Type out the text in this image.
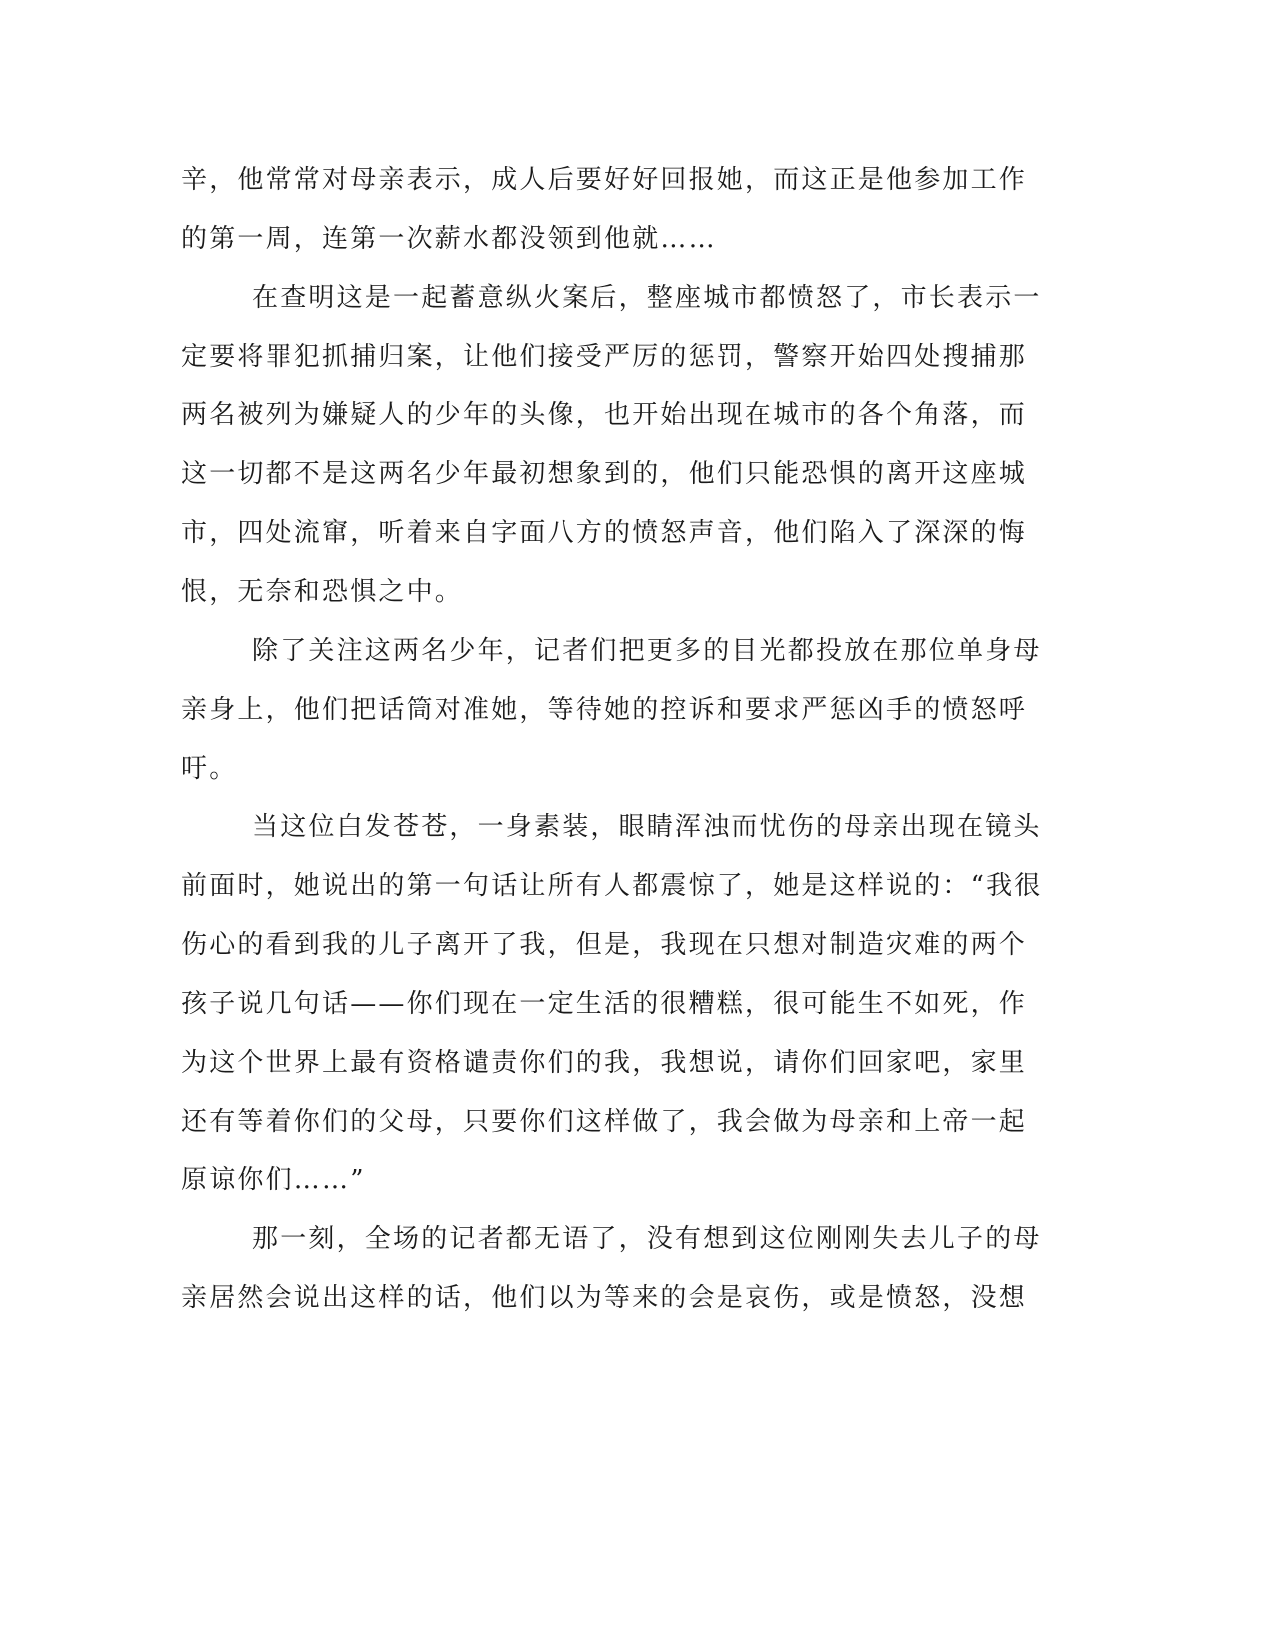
辛，他常常对母亲表示，成人后要好好回报她，而这正是他参加工作
的第一周，连第一次薪水都没领到他就……
在查明这是一起蓄意纵火案后，整座城市都愤怒了，市长表示一
定要将罪犯抓捕归案，让他们接受严厉的惩罚，警察开始四处搜捕那
两名被列为嫌疑人的少年的头像，也开始出现在城市的各个角落，而
这一切都不是这两名少年最初想象到的，他们只能恐惧的离开这座城
市，四处流窜，听着来自字面八方的愤怒声音，他们陷入了深深的悔
恨，无奈和恐惧之中。
除了关注这两名少年，记者们把更多的目光都投放在那位单身母
亲身上，他们把话筒对准她，等待她的控诉和要求严惩凶手的愤怒呼
吁。
当这位白发苍苍，一身素装，眼睛浑浊而忧伤的母亲出现在镜头
前面时，她说出的第一句话让所有人都震惊了，她是这样说的：“我很
伤心的看到我的儿子离开了我，但是，我现在只想对制造灾难的两个
孩子说几句话——你们现在一定生活的很糟糕，很可能生不如死，作
为这个世界上最有资格谴责你们的我，我想说，请你们回家吧，家里
还有等着你们的父母，只要你们这样做了，我会做为母亲和上帝一起
原谅你们……”
那一刻，全场的记者都无语了，没有想到这位刚刚失去儿子的母
亲居然会说出这样的话，他们以为等来的会是哀伤，或是愤怒，没想
